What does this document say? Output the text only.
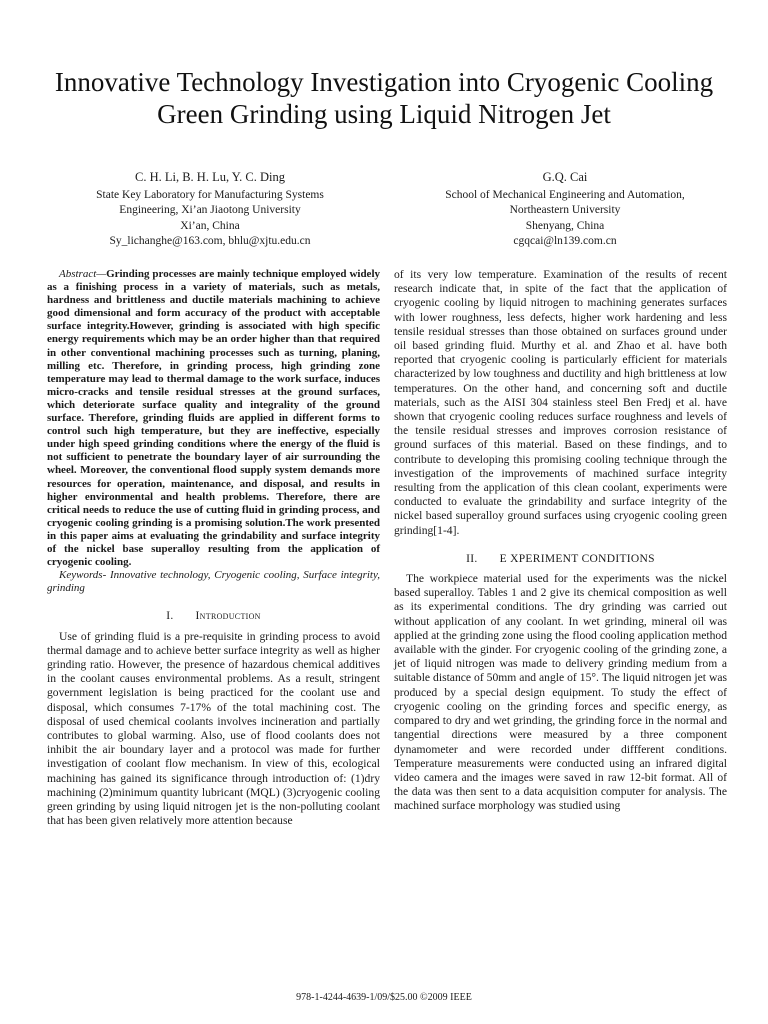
Innovative Technology Investigation into Cryogenic Cooling Green Grinding using Liquid Nitrogen Jet
C. H. Li, B. H. Lu, Y. C. Ding
State Key Laboratory for Manufacturing Systems
Engineering, Xi’an Jiaotong University
Xi’an, China
Sy_lichanghe@163.com, bhlu@xjtu.edu.cn
G.Q. Cai
School of Mechanical Engineering and Automation,
Northeastern University
Shenyang, China
cgqcai@ln139.com.cn

Abstract—Grinding processes are mainly technique employed widely as a finishing process in a variety of materials, such as metals, hardness and brittleness and ductile materials machining to achieve good dimensional and form accuracy of the product with acceptable surface integrity.However, grinding is associated with high specific energy requirements which may be an order higher than that required in other conventional machining processes such as turning, planing, milling etc. Therefore, in grinding process, high grinding zone temperature may lead to thermal damage to the work surface, induces micro-cracks and tensile residual stresses at the ground surfaces, which deteriorate surface quality and integrality of the ground surface. Therefore, grinding fluids are applied in different forms to control such high temperature, but they are ineffective, especially under high speed grinding conditions where the energy of the fluid is not sufficient to penetrate the boundary layer of air surrounding the wheel. Moreover, the conventional flood supply system demands more resources for operation, maintenance, and disposal, and results in higher environmental and health problems. Therefore, there are critical needs to reduce the use of cutting fluid in grinding process, and cryogenic cooling grinding is a promising solution.The work presented in this paper aims at evaluating the grindability and surface integrity of the nickel base superalloy resulting from the application of cryogenic cooling.

Keywords- Innovative technology, Cryogenic cooling, Surface integrity, grinding

I. Introduction

Use of grinding fluid is a pre-requisite in grinding process to avoid thermal damage and to achieve better surface integrity as well as higher grinding ratio. However, the presence of hazardous chemical additives in the coolant causes environmental problems. As a result, stringent government legislation is being practiced for the coolant use and disposal, which consumes 7-17% of the total machining cost. The disposal of used chemical coolants involves incineration and partially contributes to global warming. Also, use of flood coolants does not inhibit the air boundary layer and a protocol was made for further investigation of coolant flow mechanism. In view of this, ecological machining has gained its significance through introduction of: (1)dry machining (2)minimum quantity lubricant (MQL) (3)cryogenic cooling green grinding by using liquid nitrogen jet is the non-polluting coolant that has been given relatively more attention because

of its very low temperature. Examination of the results of recent research indicate that, in spite of the fact that the application of cryogenic cooling by liquid nitrogen to machining generates surfaces with lower roughness, less defects, higher work hardening and less tensile residual stresses than those obtained on surfaces ground under oil based grinding fluid. Murthy et al. and Zhao et al. have both reported that cryogenic cooling is particularly efficient for materials characterized by low toughness and ductility and high brittleness at low temperatures. On the other hand, and concerning soft and ductile materials, such as the AISI 304 stainless steel Ben Fredj et al. have shown that cryogenic cooling reduces surface roughness and levels of the tensile residual stresses and improves corrosion resistance of ground surfaces of this material. Based on these findings, and to contribute to developing this promising cooling technique through the investigation of the improvements of machined surface integrity resulting from the application of this clean coolant, experiments were conducted to evaluate the grindability and surface integrity of the nickel based superalloy ground surfaces using cryogenic cooling green grinding[1-4].

II. E XPERIMENT CONDITIONS

The workpiece material used for the experiments was the nickel based superalloy. Tables 1 and 2 give its chemical composition as well as its experimental conditions. The dry grinding was carried out without application of any coolant. In wet grinding, mineral oil was applied at the grinding zone using the flood cooling application method available with the ginder. For cryogenic cooling of the grinding zone, a jet of liquid nitrogen was made to delivery grinding medium from a suitable distance of 50mm and angle of 15°. The liquid nitrogen jet was produced by a special design equipment. To study the effect of cryogenic cooling on the grinding forces and specific energy, as compared to dry and wet grinding, the grinding force in the normal and tangential directions were measured by a three component dynamometer and were recorded under diffferent conditions. Temperature measurements were conducted using an infrared digital video camera and the images were saved in raw 12-bit format. All of the data was then sent to a data acquisition computer for analysis. The machined surface morphology was studied using

978-1-4244-4639-1/09/$25.00 ©2009 IEEE
